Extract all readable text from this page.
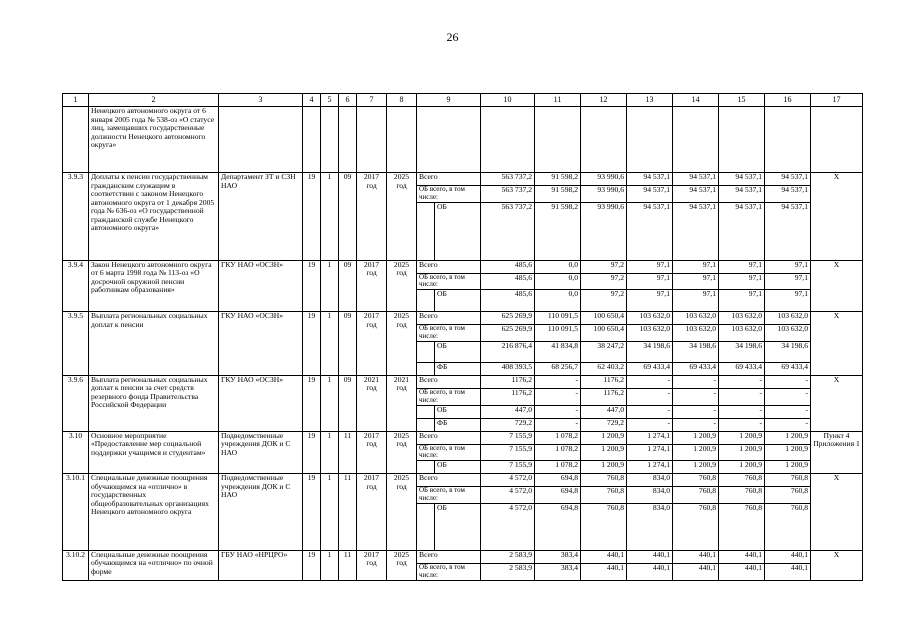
26
1	2	3	4	5	6	7	8	9		10	11	12	13	14	15	16	17
	Ненецкого автономного округа от 6 января 2005 года № 538-оз «О статусе лиц, замещавших государственные должности Ненецкого автономного округа»																
3.9.3	Доплаты к пенсии государственным гражданским служащим в соответствии с законом Ненецкого автономного округа от 1 декабря 2005 года № 636-оз «О государственной гражданской службе Ненецкого автономного округа»	Департамент ЗТ и СЗН НАО	19	1	09	2017 год	2025 год	Всего		563 737,2	91 598,2	93 990,6	94 537,1	94 537,1	94 537,1	94 537,1	X
								ОБ всего, в том числе:		563 737,2	91 598,2	93 990,6	94 537,1	94 537,1	94 537,1	94 537,1	
									ОБ	563 737,2	91 598,2	93 990,6	94 537,1	94 537,1	94 537,1	94 537,1	
3.9.4	Закон Ненецкого автономного округа от 6 марта 1998 года № 113-оз «О досрочной окружной пенсии работникам образования»	ГКУ НАО «ОСЗН»	19	1	09	2017 год	2025 год	Всего		485,6	0,0	97,2	97,1	97,1	97,1	97,1	X
								ОБ всего, в том числе:		485,6	0,0	97,2	97,1	97,1	97,1	97,1	
									ОБ	485,6	0,0	97,2	97,1	97,1	97,1	97,1	
3.9.5	Выплата региональных социальных доплат к пенсии	ГКУ НАО «ОСЗН»	19	1	09	2017 год	2025 год	Всего		625 269,9	110 091,5	100 650,4	103 632,0	103 632,0	103 632,0	103 632,0	X
								ОБ всего, в том числе:		625 269,9	110 091,5	100 650,4	103 632,0	103 632,0	103 632,0	103 632,0	
									ОБ	216 876,4	41 834,8	38 247,2	34 198,6	34 198,6	34 198,6	34 198,6	
									ФБ	408 393,5	68 256,7	62 403,2	69 433,4	69 433,4	69 433,4	69 433,4	
3.9.6	Выплата региональных социальных доплат к пенсии за счет средств резервного фонда Правительства Российской Федерации	ГКУ НАО «ОСЗН»	19	1	09	2021 год	2021 год	Всего		1176,2	-	1176,2	-	-	-	-	X
								ОБ всего, в том числе:		1176,2	-	1176,2	-	-	-	-	
									ОБ	447,0	-	447,0	-	-	-	-	
									ФБ	729,2	-	729,2	-	-	-	-	
3.10	Основное мероприятие «Предоставление мер социальной поддержки учащимся и студентам»	Подведомственные учреждения ДОК и С НАО	19	1	11	2017 год	2025 год	Всего		7 155,9	1 078,2	1 200,9	1 274,1	1 200,9	1 200,9	1 200,9	Пункт 4 Приложения 1
								ОБ всего, в том числе:		7 155,9	1 078,2	1 200,9	1 274,1	1 200,9	1 200,9	1 200,9	
									ОБ	7 155,9	1 078,2	1 200,9	1 274,1	1 200,9	1 200,9	1 200,9	
3.10.1	Специальные денежные поощрения обучающимся на «отлично» в государственных общеобразовательных организациях Ненецкого автономного округа	Подведомственные учреждения ДОК и С НАО	19	1	11	2017 год	2025 год	Всего		4 572,0	694,8	760,8	834,0	760,8	760,8	760,8	X
								ОБ всего, в том числе:		4 572,0	694,8	760,8	834,0	760,8	760,8	760,8	
									ОБ	4 572,0	694,8	760,8	834,0	760,8	760,8	760,8	
3.10.2	Специальные денежные поощрения обучающимся на «отлично» по очной форме	ГБУ НАО «НРЦРО»	19	1	11	2017 год	2025 год	Всего		2 583,9	383,4	440,1	440,1	440,1	440,1	440,1	X
								ОБ всего, в том числе:		2 583,9	383,4	440,1	440,1	440,1	440,1	440,1	
